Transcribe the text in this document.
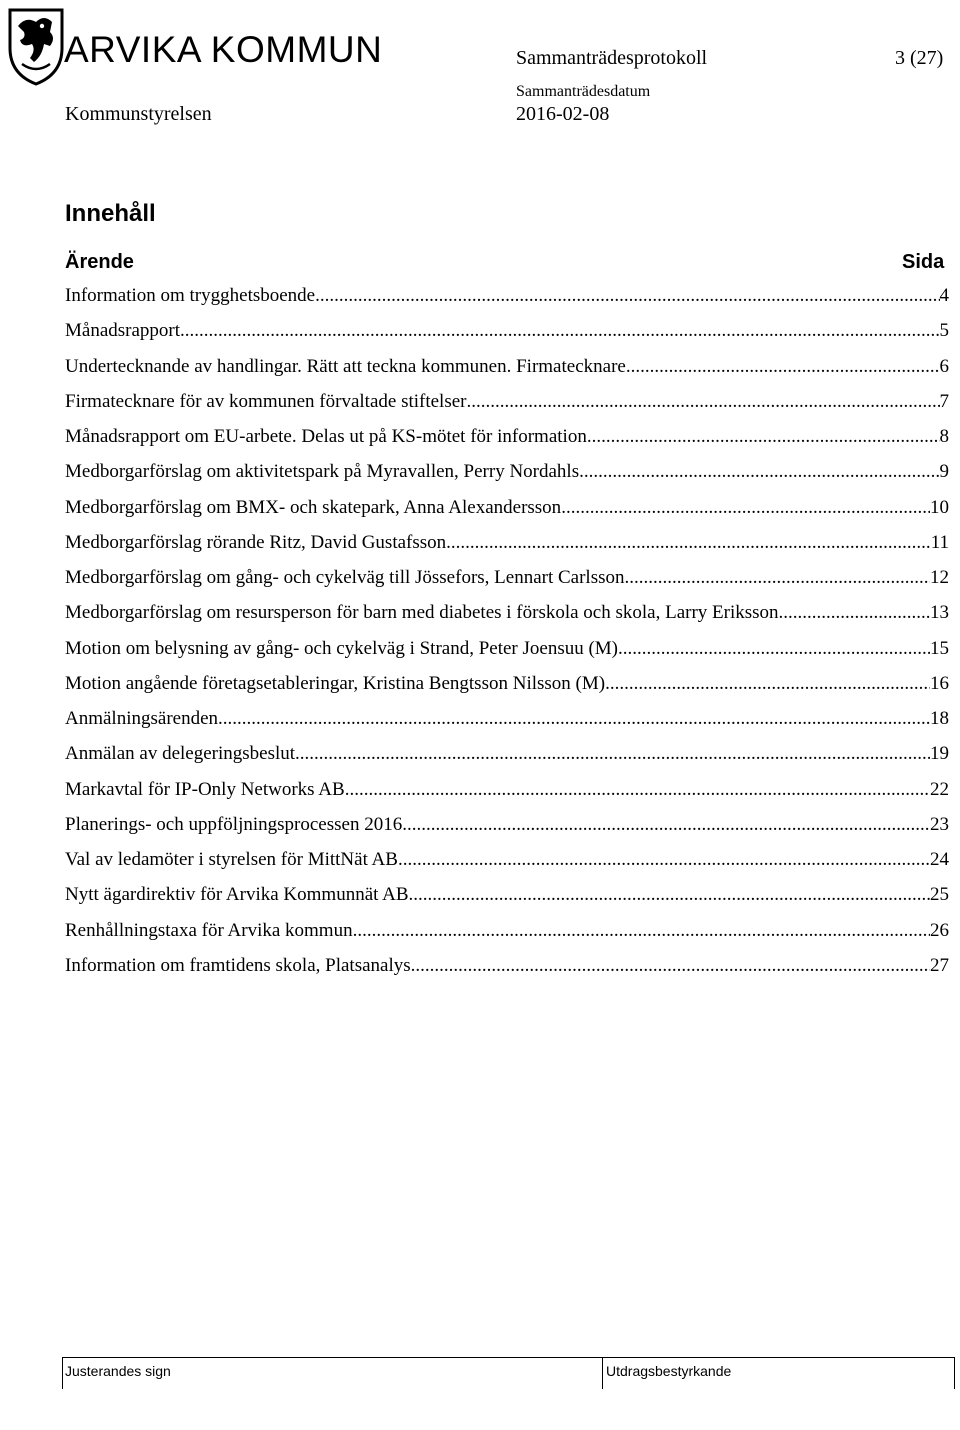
ARVIKA KOMMUN	Sammanträdesprotokoll	3 (27)
Kommunstyrelsen
Sammanträdesdatum
2016-02-08
Innehåll
Ärende	Sida
Information om trygghetsboende .....	4
Månadsrapport .....	5
Undertecknande av handlingar. Rätt att teckna kommunen. Firmatecknare .....	6
Firmatecknare för av kommunen förvaltade stiftelser .....	7
Månadsrapport om EU-arbete. Delas ut på KS-mötet för information. .....	8
Medborgarförslag om aktivitetspark på Myravallen, Perry Nordahls .....	9
Medborgarförslag om BMX- och skatepark, Anna Alexandersson .....	10
Medborgarförslag rörande Ritz, David Gustafsson .....	11
Medborgarförslag om gång- och cykelväg till Jössefors, Lennart Carlsson .....	12
Medborgarförslag om resursperson för barn med diabetes i förskola och skola, Larry Eriksson .....	13
Motion om belysning av gång- och cykelväg i Strand, Peter Joensuu (M) .....	15
Motion angående företagsetableringar, Kristina Bengtsson Nilsson (M) .....	16
Anmälningsärenden .....	18
Anmälan av delegeringsbeslut .....	19
Markavtal för IP-Only Networks AB .....	22
Planerings- och uppföljningsprocessen 2016 .....	23
Val av ledamöter i styrelsen för MittNät AB .....	24
Nytt ägardirektiv för Arvika Kommunnät AB .....	25
Renhållningstaxa för Arvika kommun .....	26
Information om framtidens skola, Platsanalys .....	27
Justerandes sign	Utdragsbestyrkande
